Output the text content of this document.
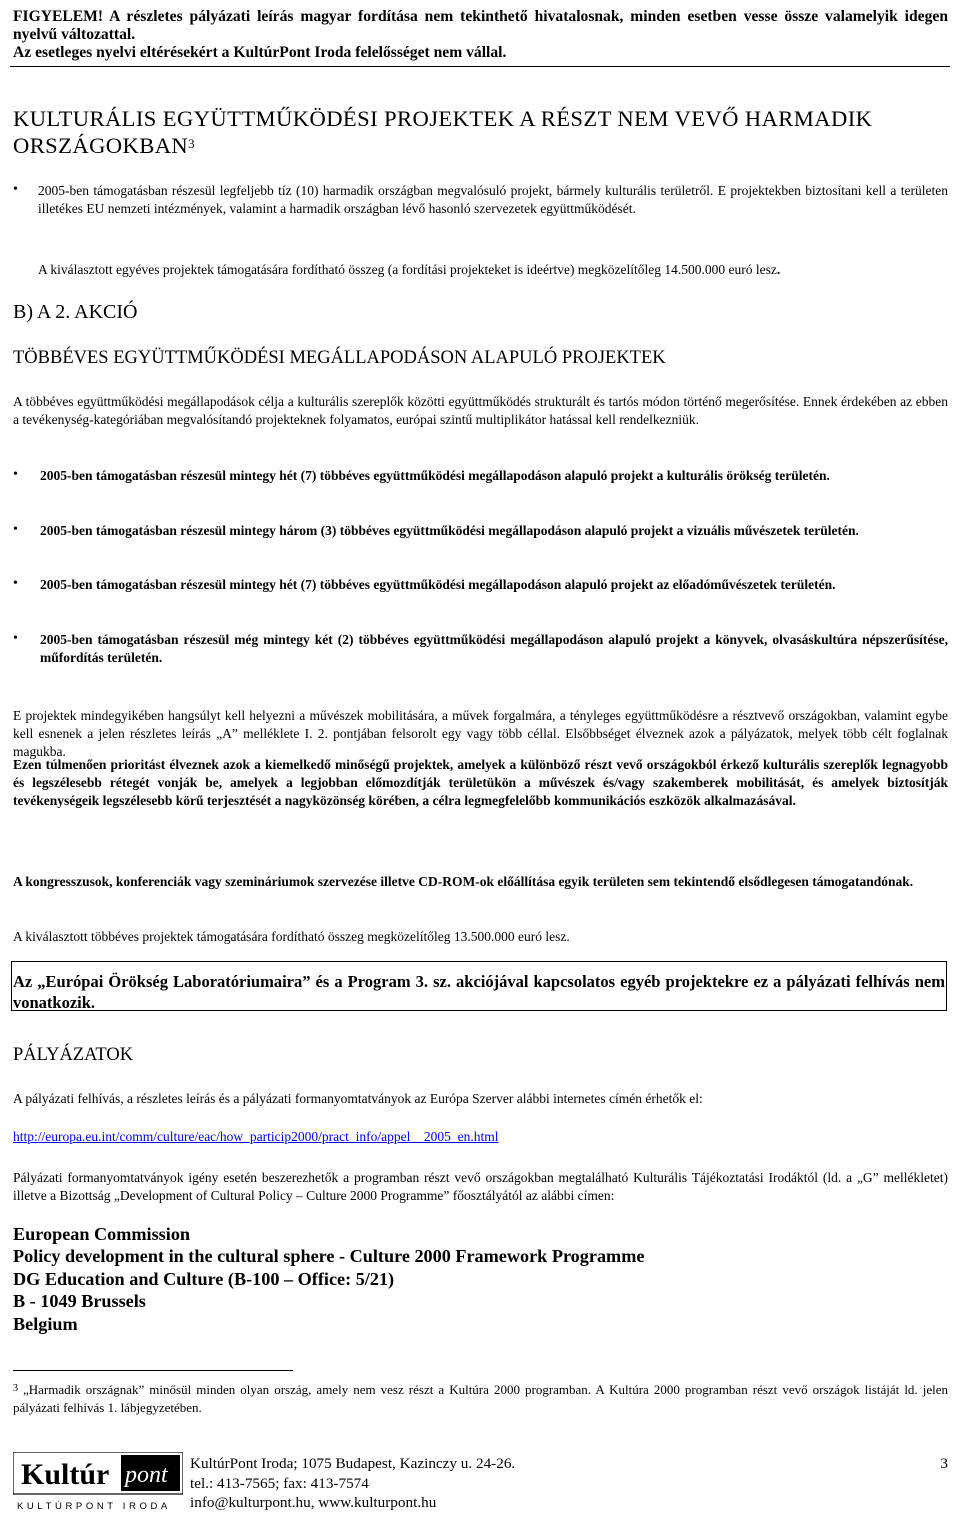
FIGYELEM! A részletes pályázati leírás magyar fordítása nem tekinthető hivatalosnak, minden esetben vesse össze valamelyik idegen nyelvű változattal.
Az esetleges nyelvi eltérésekért a KultúrPont Iroda felelősséget nem vállal.
KULTURÁLIS EGYÜTTMŰKÖDÉSI PROJEKTEK A RÉSZT NEM VEVŐ HARMADIK ORSZÁGOKBAN$^3$
• 2005-ben támogatásban részesül legfeljebb tíz (10) harmadik országban megvalósuló projekt, bármely kulturális területről. E projektekben biztosítani kell a területen illetékes EU nemzeti intézmények, valamint a harmadik országban lévő hasonló szervezetek együttműködését.
A kiválasztott egyéves projektek támogatására fordítható összeg (a fordítási projekteket is ideértve) megközelítőleg 14.500.000 euró lesz.
B) A 2. AKCIÓ
TÖBBÉVES EGYÜTTMŰKÖDÉSI MEGÁLLAPODÁSON ALAPULÓ PROJEKTEK
A többéves együttműködési megállapodások célja a kulturális szereplők közötti együttműködés strukturált és tartós módon történő megerősítése. Ennek érdekében az ebben a tevékenység-kategóriában megvalósítandó projekteknek folyamatos, európai szintű multiplikátor hatással kell rendelkezniük.
• 2005-ben támogatásban részesül mintegy hét (7) többéves együttműködési megállapodáson alapuló projekt a kulturális örökség területén.
• 2005-ben támogatásban részesül mintegy három (3) többéves együttműködési megállapodáson alapuló projekt a vizuális művészetek területén.
• 2005-ben támogatásban részesül mintegy hét (7) többéves együttműködési megállapodáson alapuló projekt az előadóművészetek területén.
• 2005-ben támogatásban részesül még mintegy két (2) többéves együttműködési megállapodáson alapuló projekt a könyvek, olvasáskultúra népszerűsítése, műfordítás területén.
E projektek mindegyikében hangsúlyt kell helyezni a művészek mobilitására, a művek forgalmára, a tényleges együttműködésre a résztvevő országokban, valamint egybe kell esnenek a jelen részletes leírás „A” melléklete I. 2. pontjában felsorolt egy vagy több céllal. Elsőbbséget élveznek azok a pályázatok, melyek több célt foglalnak magukba.
Ezen túlmenően prioritást élveznek azok a kiemelkedő minőségű projektek, amelyek a különböző részt vevő országokból érkező kulturális szereplők legnagyobb és legszélesebb rétegét vonják be, amelyek a legjobban előmozdítják területükön a művészek és/vagy szakemberek mobilitását, és amelyek biztosítják tevékenységeik legszélesebb körű terjesztését a nagyközönség körében, a célra legmegfelelőbb kommunikációs eszközök alkalmazásával.
A kongresszusok, konferenciák vagy szemináriumok szervezése illetve CD-ROM-ok előállítása egyik területen sem tekintendő elsődlegesen támogatandónak.
A kiválasztott többéves projektek támogatására fordítható összeg megközelítőleg 13.500.000 euró lesz.
Az „Európai Örökség Laboratóriumaira” és a Program 3. sz. akciójával kapcsolatos egyéb projektekre ez a pályázati felhívás nem vonatkozik.
PÁLYÁZATOK
A pályázati felhívás, a részletes leírás és a pályázati formanyomtatványok az Európa Szerver alábbi internetes címén érhetők el:
http://europa.eu.int/comm/culture/eac/how_particip2000/pract_info/appel__2005_en.html
Pályázati formanyomtatványok igény esetén beszerezhetők a programban részt vevő országokban megtalálható Kulturális Tájékoztatási Irodáktól (ld. a „G” mellékletet) illetve a Bizottság „Development of Cultural Policy – Culture 2000 Programme” főosztályától az alábbi címen:
European Commission
Policy development in the cultural sphere - Culture 2000 Framework Programme
DG Education and Culture (B-100 – Office: 5/21)
B - 1049 Brussels
Belgium
3 „Harmadik országnak” minősül minden olyan ország, amely nem vesz részt a Kultúra 2000 programban. A Kultúra 2000 programban részt vevő országok listáját ld. jelen pályázati felhívás 1. lábjegyzetében.
Kultúr pont
KULTÚRPONT IRODA
KultúrPont Iroda; 1075 Budapest, Kazinczy u. 24-26.
tel.: 413-7565; fax: 413-7574
info@kulturpont.hu, www.kulturpont.hu
3
